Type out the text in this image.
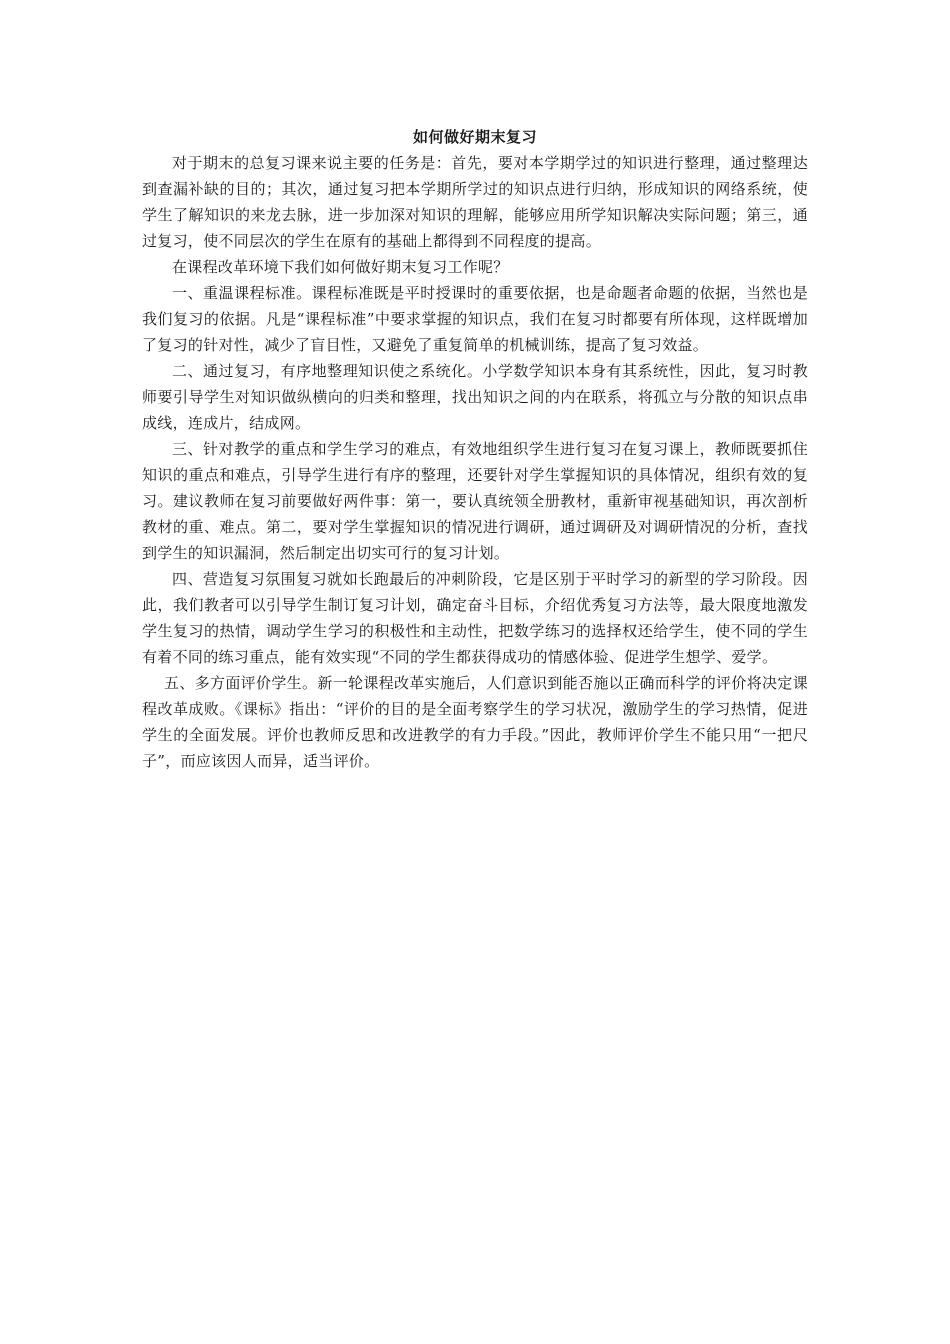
如何做好期末复习

对于期末的总复习课来说主要的任务是：首先，要对本学期学过的知识进行整理，通过整理达到查漏补缺的目的；其次，通过复习把本学期所学过的知识点进行归纳，形成知识的网络系统，使学生了解知识的来龙去脉，进一步加深对知识的理解，能够应用所学知识解决实际问题；第三，通过复习，使不同层次的学生在原有的基础上都得到不同程度的提高。

在课程改革环境下我们如何做好期末复习工作呢？

一、重温课程标准。课程标准既是平时授课时的重要依据，也是命题者命题的依据，当然也是我们复习的依据。凡是“课程标准”中要求掌握的知识点，我们在复习时都要有所体现，这样既增加了复习的针对性，减少了盲目性，又避免了重复简单的机械训练，提高了复习效益。

二、通过复习，有序地整理知识使之系统化。小学数学知识本身有其系统性，因此，复习时教师要引导学生对知识做纵横向的归类和整理，找出知识之间的内在联系，将孤立与分散的知识点串成线，连成片，结成网。

三、针对教学的重点和学生学习的难点，有效地组织学生进行复习在复习课上，教师既要抓住知识的重点和难点，引导学生进行有序的整理，还要针对学生掌握知识的具体情况，组织有效的复习。建议教师在复习前要做好两件事：第一，要认真统领全册教材，重新审视基础知识，再次剖析教材的重、难点。第二，要对学生掌握知识的情况进行调研，通过调研及对调研情况的分析，查找到学生的知识漏洞，然后制定出切实可行的复习计划。

四、营造复习氛围复习就如长跑最后的冲刺阶段，它是区别于平时学习的新型的学习阶段。因此，我们教者可以引导学生制订复习计划，确定奋斗目标，介绍优秀复习方法等，最大限度地激发学生复习的热情，调动学生学习的积极性和主动性，把数学练习的选择权还给学生，使不同的学生有着不同的练习重点，能有效实现“不同的学生都获得成功的情感体验、促进学生想学、爱学。

五、多方面评价学生。新一轮课程改革实施后，人们意识到能否施以正确而科学的评价将决定课程改革成败。《课标》指出：“评价的目的是全面考察学生的学习状况，激励学生的学习热情，促进学生的全面发展。评价也教师反思和改进教学的有力手段。”因此，教师评价学生不能只用“一把尺子”，而应该因人而异，适当评价。
